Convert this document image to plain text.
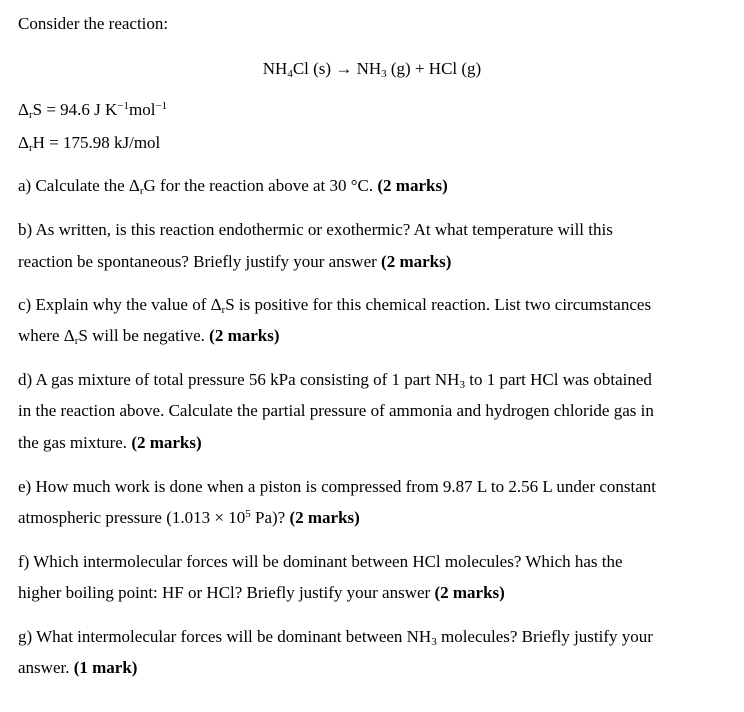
Consider the reaction:
$NH_4Cl$ $(s) \to NH_3$ (g) + HCl (g)
$\Delta_rS = 94.6$ J $K^{-1}mol^{-1}$
$\Delta_rH = 175.98$ kJ/mol
a) Calculate the $\Delta_rG$ for the reaction above at 30 °C. (2 marks)
b) As written, is this reaction endothermic or exothermic? At what temperature will this
reaction be spontaneous? Briefly justify your answer (2 marks)
c) Explain why the value of $\Delta_rS$ is positive for this chemical reaction. List two circumstances
where $\Delta_rS$ will be negative. (2 marks)
d) A gas mixture of total pressure 56 kPa consisting of 1 part $NH_3$ to 1 part HCl was obtained
in the reaction above. Calculate the partial pressure of ammonia and hydrogen chloride gas in
the gas mixture. (2 marks)
e) How much work is done when a piston is compressed from 9.87 L to 2.56 L under constant
atmospheric pressure ($1.013 \times 10^5$ Pa)? (2 marks)
f) Which intermolecular forces will be dominant between HCl molecules? Which has the
higher boiling point: HF or HCl? Briefly justify your answer (2 marks)
g) What intermolecular forces will be dominant between $NH_3$ molecules? Briefly justify your
answer. (1 mark)
